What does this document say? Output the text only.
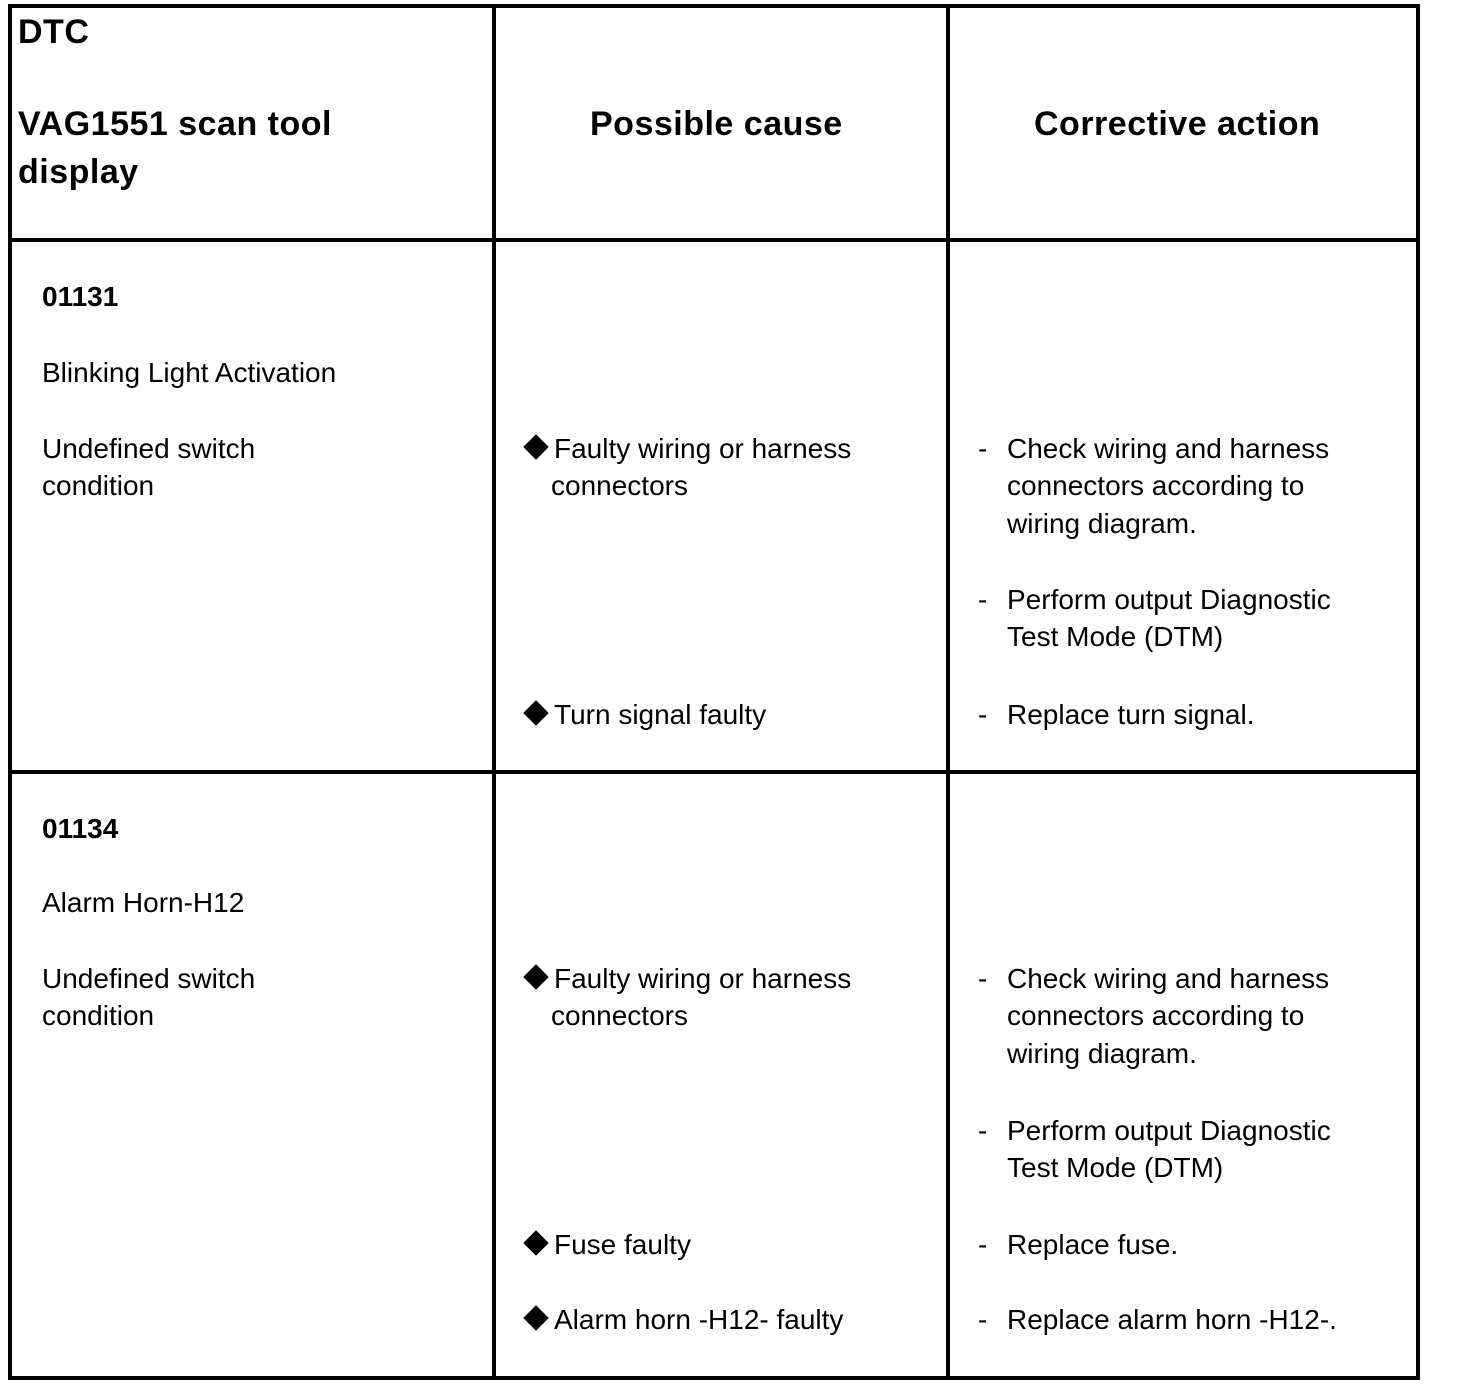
DTC
VAG1551 scan tool
display
Possible cause	Corrective action
01131
Blinking Light Activation
Undefined switch
condition
Faulty wiring or harness
connectors
Turn signal faulty
- Check wiring and harness
connectors according to
wiring diagram.
- Perform output Diagnostic
Test Mode (DTM)
- Replace turn signal.
01134
Alarm Horn-H12
Undefined switch
condition
Faulty wiring or harness
connectors
Fuse faulty
Alarm horn -H12- faulty
- Check wiring and harness
connectors according to
wiring diagram.
- Perform output Diagnostic
Test Mode (DTM)
- Replace fuse.
- Replace alarm horn -H12-.
